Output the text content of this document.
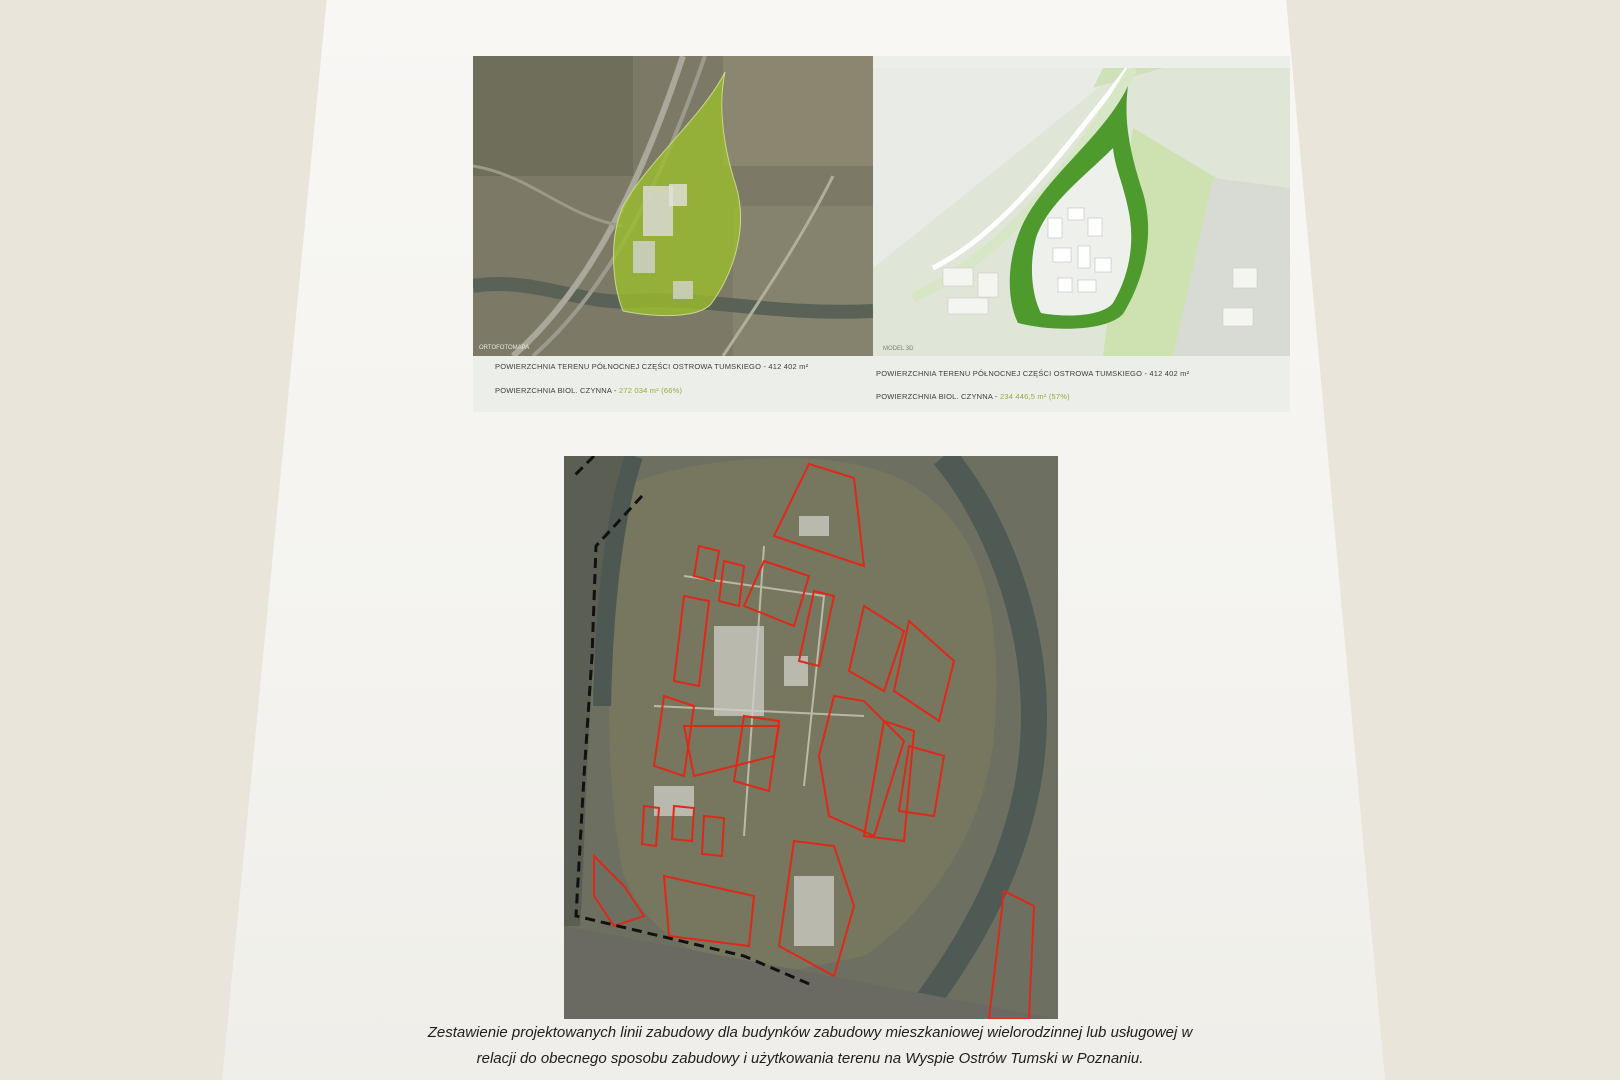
ORTOFOTOMAPA	MODEL 3D
POWIERZCHNIA TERENU PÓŁNOCNEJ CZĘŚCI OSTROWA TUMSKIEGO - 412 402 m²
POWIERZCHNIA BIOL. CZYNNA - 272 034 m² (66%)
POWIERZCHNIA TERENU PÓŁNOCNEJ CZĘŚCI OSTROWA TUMSKIEGO - 412 402 m²
POWIERZCHNIA BIOL. CZYNNA - 234 446,5 m² (57%)
Zestawienie projektowanych linii zabudowy dla budynków zabudowy mieszkaniowej wielorodzinnej lub usługowej w
relacji do obecnego sposobu zabudowy i użytkowania terenu na Wyspie Ostrów Tumski w Poznaniu.
